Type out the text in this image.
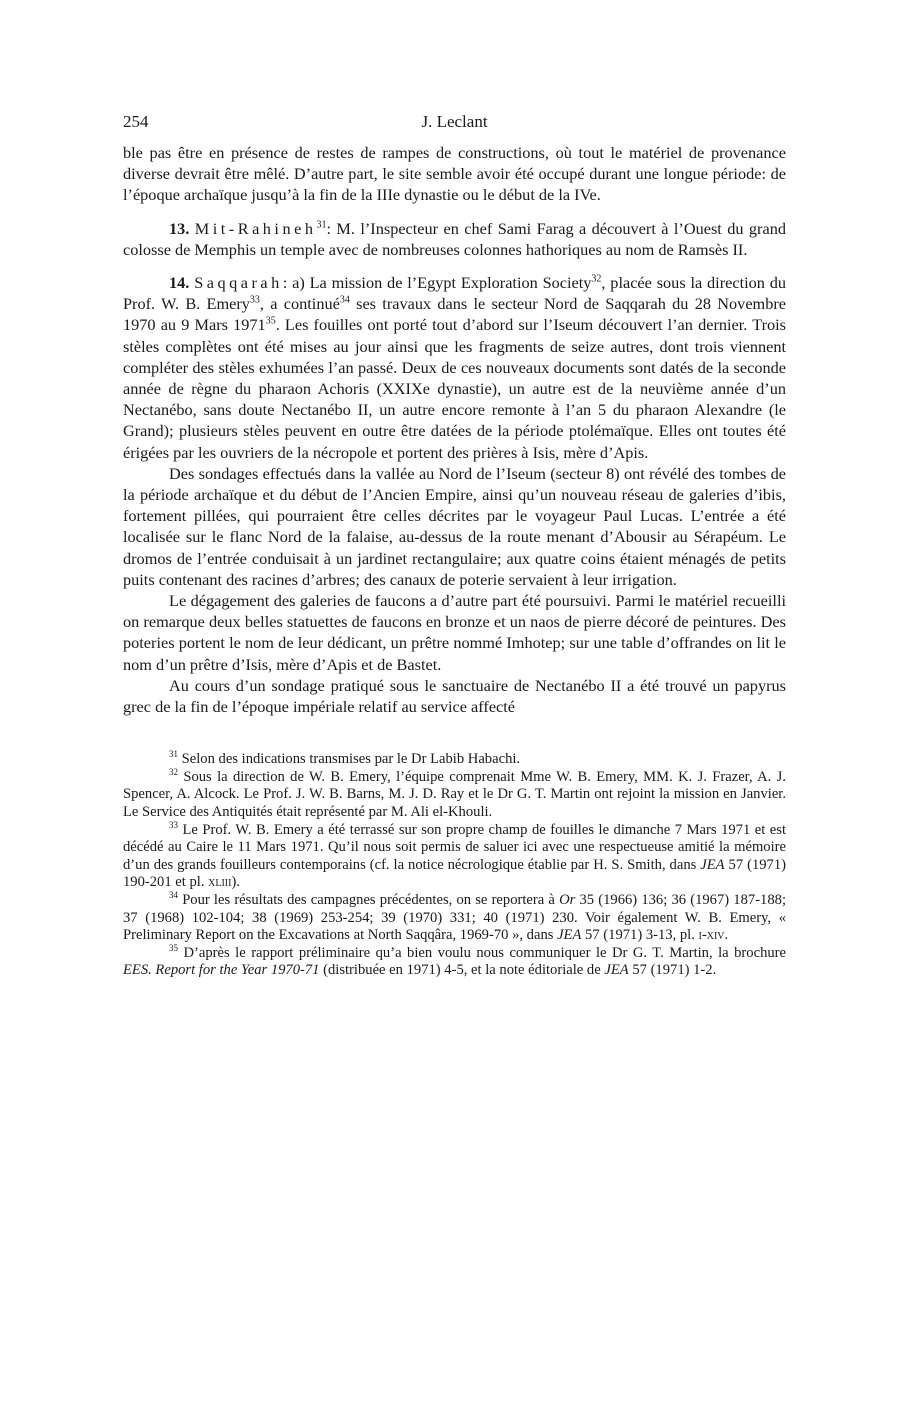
254	J. Leclant

ble pas être en présence de restes de rampes de constructions, où tout le matériel de provenance diverse devrait être mêlé. D’autre part, le site semble avoir été occupé durant une longue période: de l’époque archaïque jusqu’à la fin de la IIIe dynastie ou le début de la IVe.

13. Mit-Rahineh$^{31}$: M. l’Inspecteur en chef Sami Farag a découvert à l’Ouest du grand colosse de Memphis un temple avec de nombreuses colonnes hathoriques au nom de Ramsès II.

14. Saqqarah: a) La mission de l’Egypt Exploration Society$^{32}$, placée sous la direction du Prof. W. B. Emery$^{33}$, a continué$^{34}$ ses travaux dans le secteur Nord de Saqqarah du 28 Novembre 1970 au 9 Mars 1971$^{35}$. Les fouilles ont porté tout d’abord sur l’Iseum découvert l’an dernier. Trois stèles complètes ont été mises au jour ainsi que les fragments de seize autres, dont trois viennent compléter des stèles exhumées l’an passé. Deux de ces nouveaux documents sont datés de la seconde année de règne du pharaon Achoris (XXIXe dynastie), un autre est de la neuvième année d’un Nectanébo, sans doute Nectanébo II, un autre encore remonte à l’an 5 du pharaon Alexandre (le Grand); plusieurs stèles peuvent en outre être datées de la période ptolémaïque. Elles ont toutes été érigées par les ouvriers de la nécropole et portent des prières à Isis, mère d’Apis.

Des sondages effectués dans la vallée au Nord de l’Iseum (secteur 8) ont révélé des tombes de la période archaïque et du début de l’Ancien Empire, ainsi qu’un nouveau réseau de galeries d’ibis, fortement pillées, qui pourraient être celles décrites par le voyageur Paul Lucas. L’entrée a été localisée sur le flanc Nord de la falaise, au-dessus de la route menant d’Abousir au Sérapéum. Le dromos de l’entrée conduisait à un jardinet rectangulaire; aux quatre coins étaient ménagés de petits puits contenant des racines d’arbres; des canaux de poterie servaient à leur irrigation.

Le dégagement des galeries de faucons a d’autre part été poursuivi. Parmi le matériel recueilli on remarque deux belles statuettes de faucons en bronze et un naos de pierre décoré de peintures. Des poteries portent le nom de leur dédicant, un prêtre nommé Imhotep; sur une table d’offrandes on lit le nom d’un prêtre d’Isis, mère d’Apis et de Bastet.

Au cours d’un sondage pratiqué sous le sanctuaire de Nectanébo II a été trouvé un papyrus grec de la fin de l’époque impériale relatif au service affecté

$^{31}$ Selon des indications transmises par le Dr Labib Habachi.

$^{32}$ Sous la direction de W. B. Emery, l’équipe comprenait Mme W. B. Emery, MM. K. J. Frazer, A. J. Spencer, A. Alcock. Le Prof. J. W. B. Barns, M. J. D. Ray et le Dr G. T. Martin ont rejoint la mission en Janvier. Le Service des Antiquités était représenté par M. Ali el-Khouli.

$^{33}$ Le Prof. W. B. Emery a été terrassé sur son propre champ de fouilles le dimanche 7 Mars 1971 et est décédé au Caire le 11 Mars 1971. Qu’il nous soit permis de saluer ici avec une respectueuse amitié la mémoire d’un des grands fouilleurs contemporains (cf. la notice nécrologique établie par H. S. Smith, dans JEA 57 (1971) 190-201 et pl. xliii).

$^{34}$ Pour les résultats des campagnes précédentes, on se reportera à Or 35 (1966) 136; 36 (1967) 187-188; 37 (1968) 102-104; 38 (1969) 253-254; 39 (1970) 331; 40 (1971) 230. Voir également W. B. Emery, « Preliminary Report on the Excavations at North Saqqâra, 1969-70 », dans JEA 57 (1971) 3-13, pl. i-xiv.

$^{35}$ D’après le rapport préliminaire qu’a bien voulu nous communiquer le Dr G. T. Martin, la brochure EES. Report for the Year 1970-71 (distribuée en 1971) 4-5, et la note éditoriale de JEA 57 (1971) 1-2.
